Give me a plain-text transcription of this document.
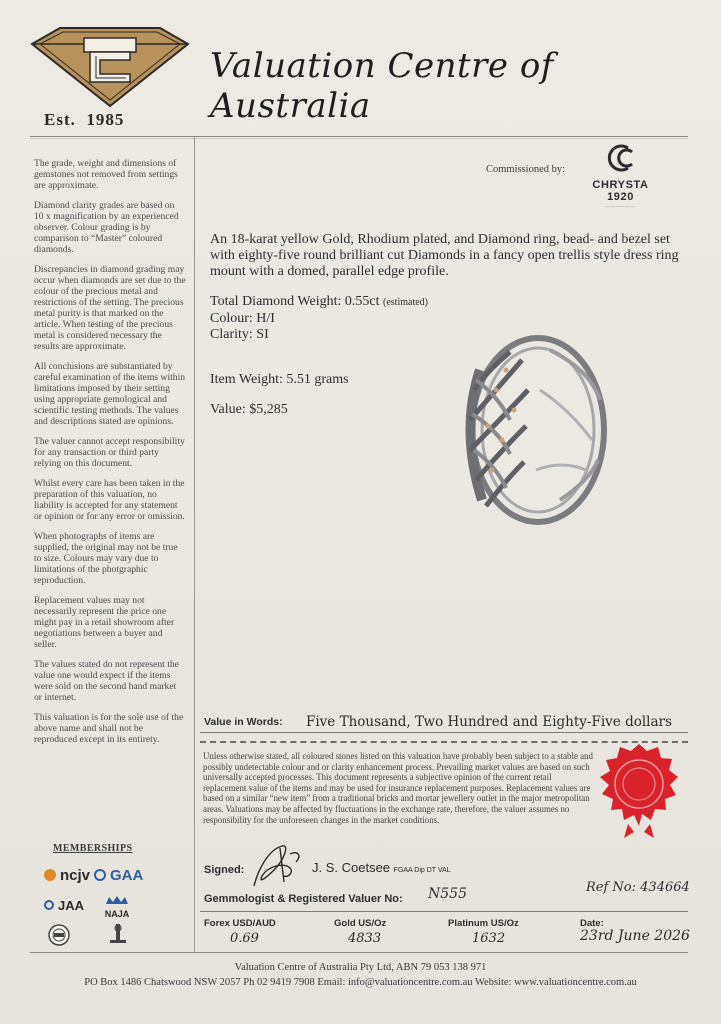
Est. 1985
Valuation Centre of Australia

The grade, weight and dimensions of gemstones not removed from settings are approximate.

Diamond clarity grades are based on 10 x magnification by an experienced observer. Colour grading is by comparison to “Master” coloured diamonds.

Discrepancies in diamond grading may occur when diamonds are set due to the colour of the precious metal and restrictions of the setting. The precious metal purity is that marked on the article. When testing of the precious metal is considered necessary the results are approximate.

All conclusions are substantiated by careful examination of the items within limitations imposed by their setting using appropriate gemological and scientific testing methods. The values and descriptions stated are opinions.

The valuer cannot accept responsibility for any transaction or third party relying on this document.

Whilst every care has been taken in the preparation of this valuation, no liability is accepted for any statement or opinion or for any error or omission.

When photographs of items are supplied, the original may not be true to size. Colours may vary due to limitations of the photgraphic reproduction.

Replacement values may not necessarily represent the price one might pay in a retail showroom after negotiations between a buyer and seller.

The values stated do not represent the value one would expect if the items were sold on the second hand market or internet.

This valuation is for the sole use of the above name and shall not be reproduced except in its entirety.

MEMBERSHIPS
ncjv	GAA
JAA
NAJA
Commissioned by:
CHRYSTA 1920
——————
An 18-karat yellow Gold, Rhodium plated, and Diamond ring, bead- and bezel set with eighty-five round brilliant cut Diamonds in a fancy open trellis style dress ring mount with a domed, parallel edge profile.
Total Diamond Weight: 0.55ct (estimated)
Colour: H/I
Clarity: SI
Item Weight: 5.51 grams
Value: $5,285
Value in Words: Five Thousand, Two Hundred and Eighty-Five dollars
Unless otherwise stated, all coloured stones listed on this valuation have probably been subject to a stable and possibly undetectable colour and or clarity enhancement process. Prevailing market values are based on such universally accepted processes. This document represents a subjective opinion of the current retail replacement value of the items and may be used for insurance replacement purposes. Replacement values are based on a similar “new item” from a traditional bricks and mortar jewellery outlet in the major metropolitan areas. Valuations may be affected by fluctuations in the exchange rate, therefore, the valuer assumes no responsibility for the unforeseen changes in the market conditions.
Signed:	J. S. Coetsee FGAA Dip DT VAL
Gemmologist & Registered Valuer No: N555	Ref No: 434664
Forex USD/AUD
0.69
Gold US/Oz
4833
Platinum US/Oz
1632
Date:
23rd June 2026
Valuation Centre of Australia Pty Ltd, ABN 79 053 138 971
PO Box 1486 Chatswood NSW 2057 Ph 02 9419 7908 Email: info@valuationcentre.com.au Website: www.valuationcentre.com.au
